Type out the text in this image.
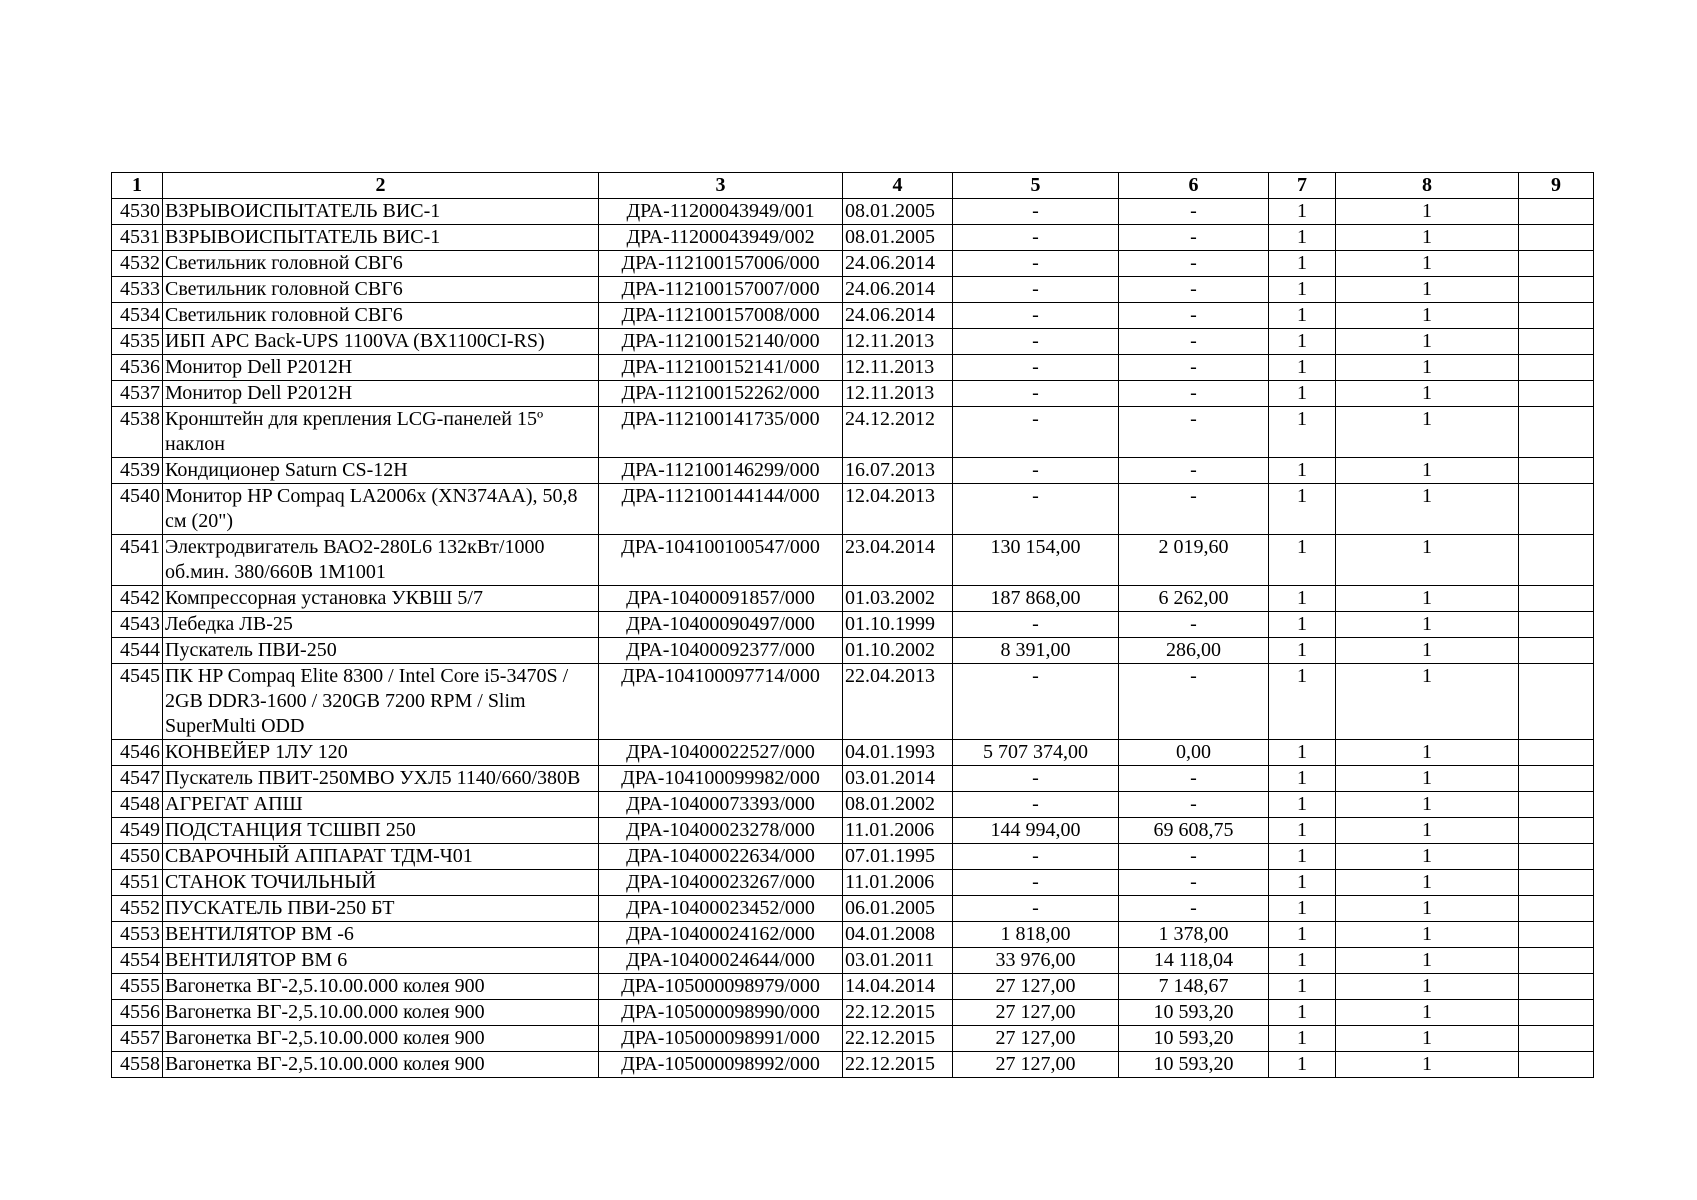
1	2	3	4	5	6	7	8	9
4530	ВЗРЫВОИСПЫТАТЕЛЬ ВИС-1	ДРА-11200043949/001	08.01.2005	-	-	1	1	
4531	ВЗРЫВОИСПЫТАТЕЛЬ ВИС-1	ДРА-11200043949/002	08.01.2005	-	-	1	1	
4532	Светильник головной СВГ6	ДРА-112100157006/000	24.06.2014	-	-	1	1	
4533	Светильник головной СВГ6	ДРА-112100157007/000	24.06.2014	-	-	1	1	
4534	Светильник головной СВГ6	ДРА-112100157008/000	24.06.2014	-	-	1	1	
4535	ИБП APC Back-UPS 1100VA (BX1100CI-RS)	ДРА-112100152140/000	12.11.2013	-	-	1	1	
4536	Монитор Dell P2012H	ДРА-112100152141/000	12.11.2013	-	-	1	1	
4537	Монитор Dell P2012H	ДРА-112100152262/000	12.11.2013	-	-	1	1	
4538	Кронштейн для крепления LCG-панелей 15º наклон	ДРА-112100141735/000	24.12.2012	-	-	1	1	
4539	Кондиционер Saturn CS-12H	ДРА-112100146299/000	16.07.2013	-	-	1	1	
4540	Монитор HP Compaq LA2006x (XN374AA), 50,8 см (20")	ДРА-112100144144/000	12.04.2013	-	-	1	1	
4541	Электродвигатель ВАО2-280L6 132кВт/1000 об.мин. 380/660В 1М1001	ДРА-104100100547/000	23.04.2014	130 154,00	2 019,60	1	1	
4542	Компрессорная установка УКВШ 5/7	ДРА-10400091857/000	01.03.2002	187 868,00	6 262,00	1	1	
4543	Лебедка ЛВ-25	ДРА-10400090497/000	01.10.1999	-	-	1	1	
4544	Пускатель ПВИ-250	ДРА-10400092377/000	01.10.2002	8 391,00	286,00	1	1	
4545	ПК HP Compaq Elite 8300 / Intel Core i5-3470S / 2GB DDR3-1600 / 320GB 7200 RPM / Slim SuperMulti ODD	ДРА-104100097714/000	22.04.2013	-	-	1	1	
4546	КОНВЕЙЕР 1ЛУ 120	ДРА-10400022527/000	04.01.1993	5 707 374,00	0,00	1	1	
4547	Пускатель ПВИТ-250МВО УХЛ5 1140/660/380В	ДРА-104100099982/000	03.01.2014	-	-	1	1	
4548	АГРЕГАТ АПШ	ДРА-10400073393/000	08.01.2002	-	-	1	1	
4549	ПОДСТАНЦИЯ ТСШВП 250	ДРА-10400023278/000	11.01.2006	144 994,00	69 608,75	1	1	
4550	СВАРОЧНЫЙ АППАРАТ ТДМ-Ч01	ДРА-10400022634/000	07.01.1995	-	-	1	1	
4551	СТАНОК ТОЧИЛЬНЫЙ	ДРА-10400023267/000	11.01.2006	-	-	1	1	
4552	ПУСКАТЕЛЬ ПВИ-250 БТ	ДРА-10400023452/000	06.01.2005	-	-	1	1	
4553	ВЕНТИЛЯТОР ВМ -6	ДРА-10400024162/000	04.01.2008	1 818,00	1 378,00	1	1	
4554	ВЕНТИЛЯТОР ВМ 6	ДРА-10400024644/000	03.01.2011	33 976,00	14 118,04	1	1	
4555	Вагонетка ВГ-2,5.10.00.000 колея 900	ДРА-105000098979/000	14.04.2014	27 127,00	7 148,67	1	1	
4556	Вагонетка ВГ-2,5.10.00.000 колея 900	ДРА-105000098990/000	22.12.2015	27 127,00	10 593,20	1	1	
4557	Вагонетка ВГ-2,5.10.00.000 колея 900	ДРА-105000098991/000	22.12.2015	27 127,00	10 593,20	1	1	
4558	Вагонетка ВГ-2,5.10.00.000 колея 900	ДРА-105000098992/000	22.12.2015	27 127,00	10 593,20	1	1	
